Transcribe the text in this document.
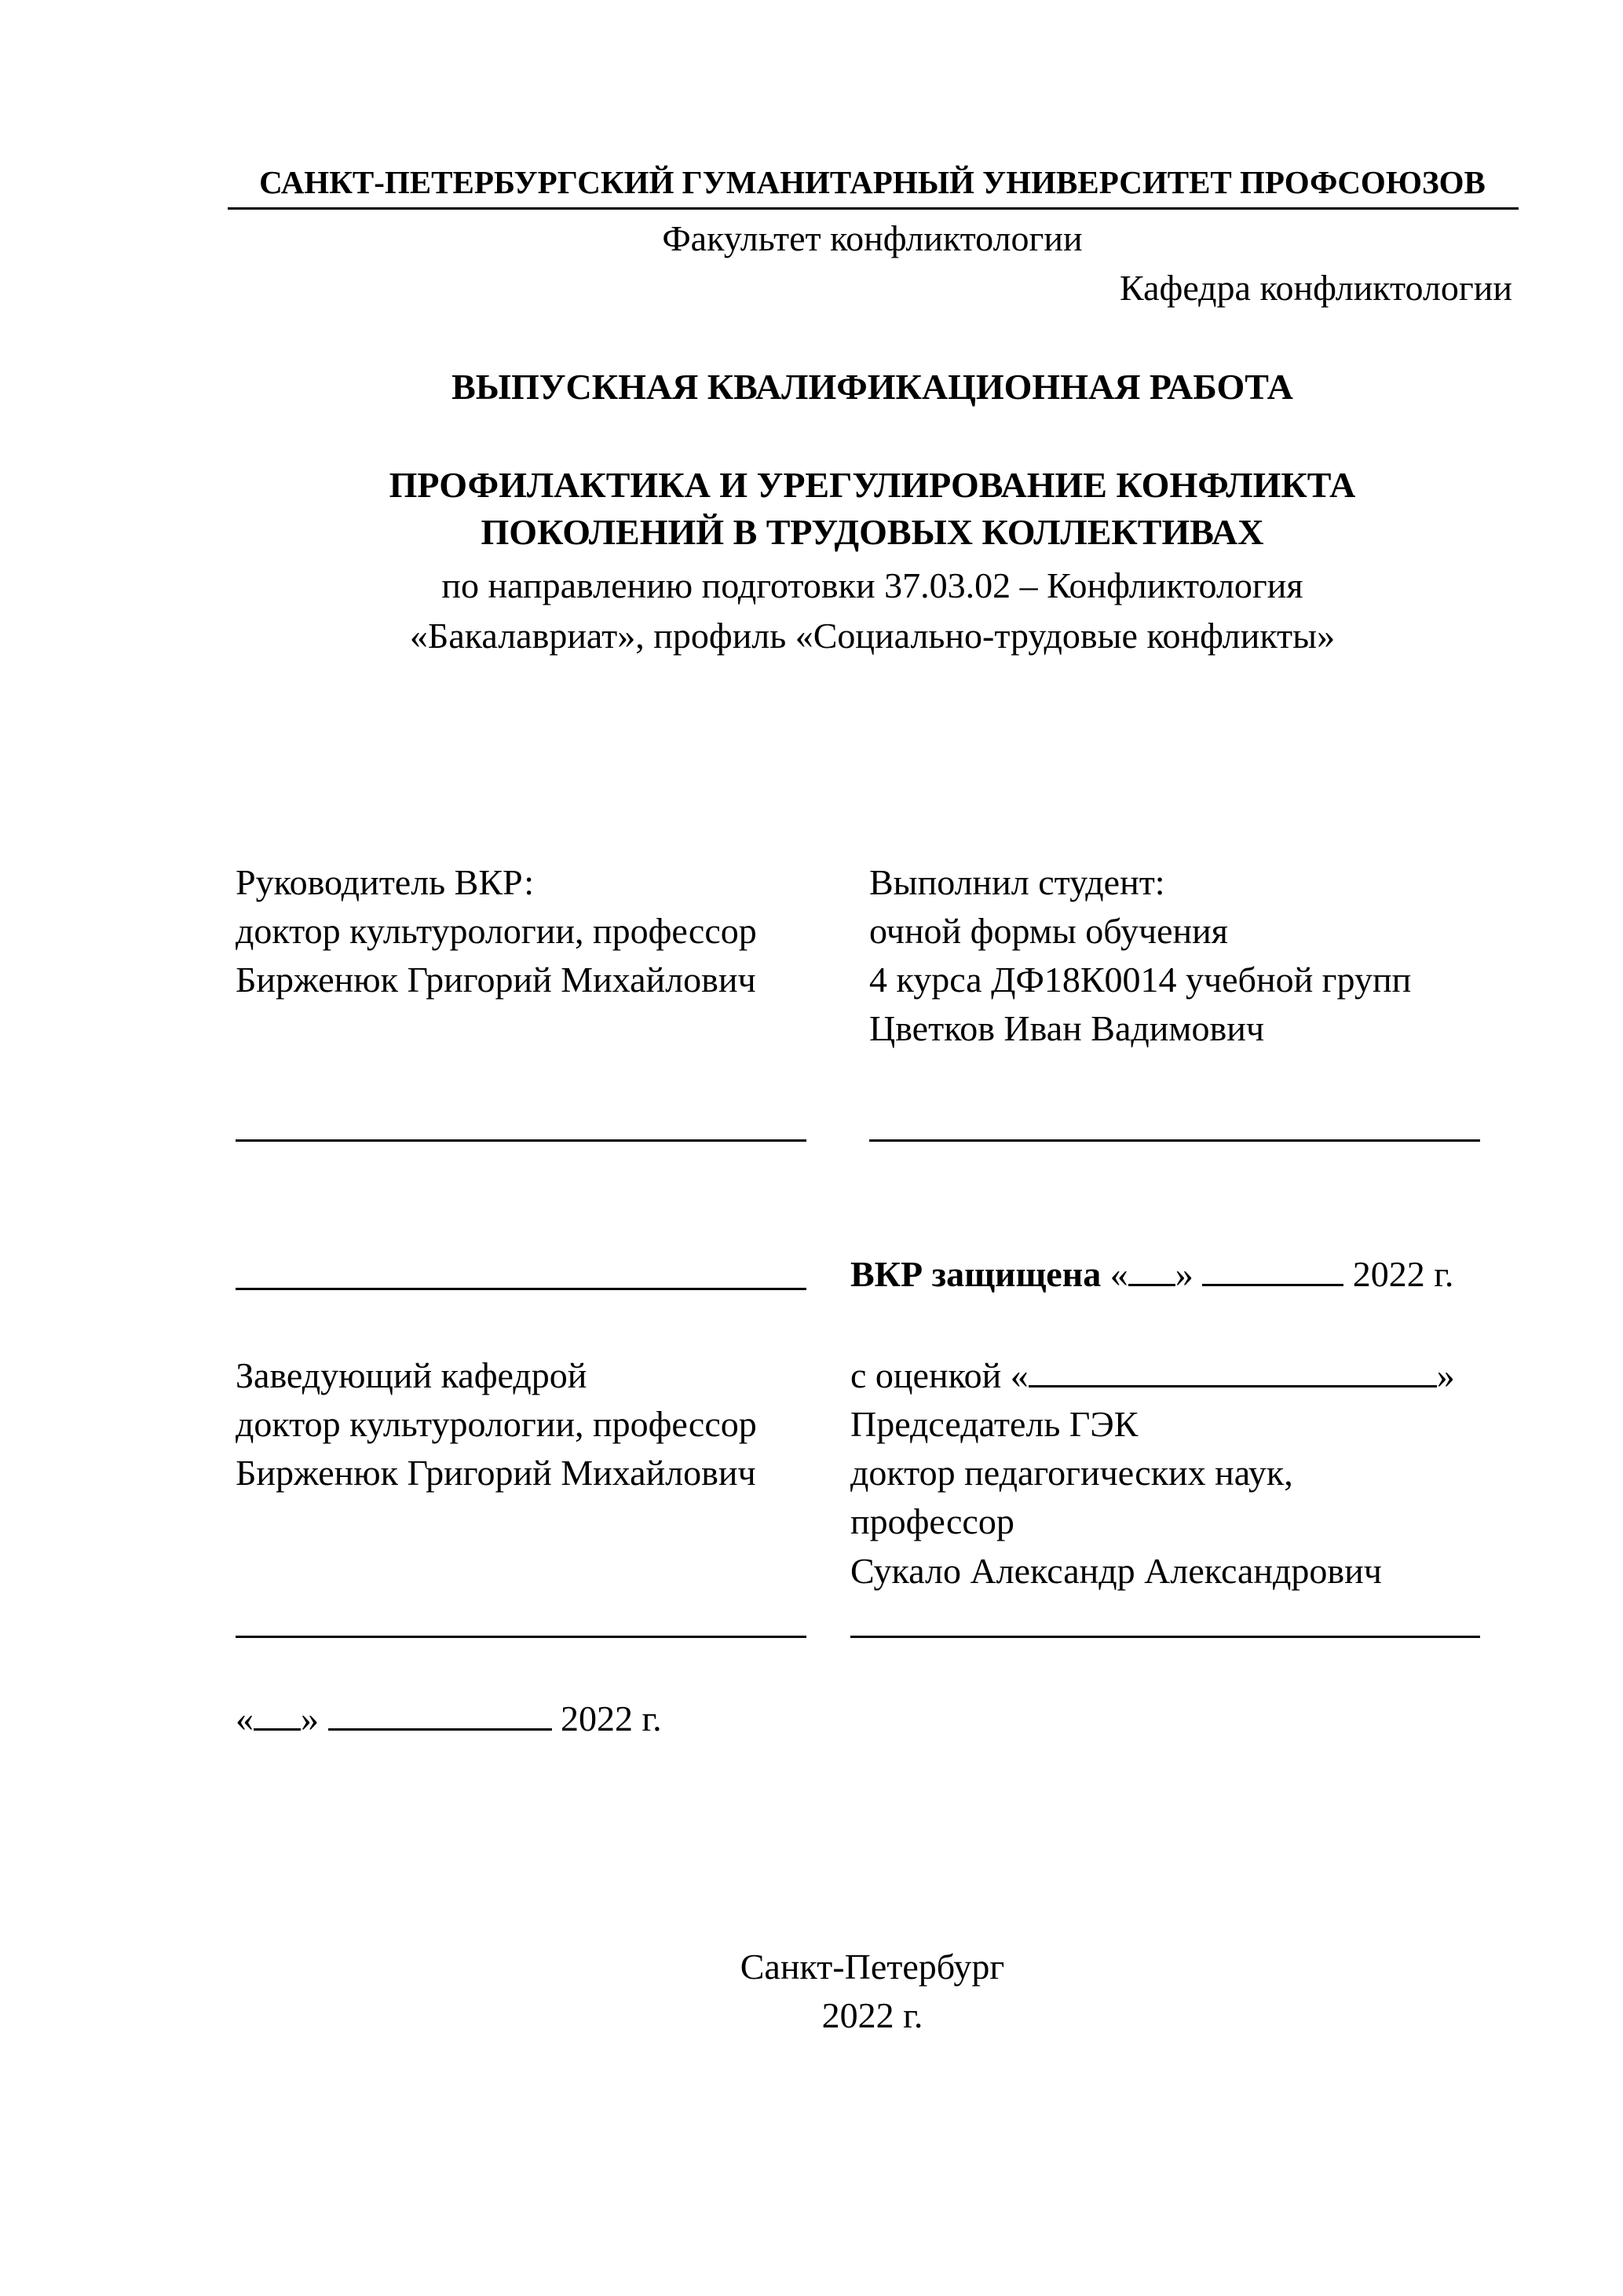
САНКТ-ПЕТЕРБУРГСКИЙ ГУМАНИТАРНЫЙ УНИВЕРСИТЕТ ПРОФСОЮЗОВ
Факультет конфликтологии
Кафедра конфликтологии
ВЫПУСКНАЯ КВАЛИФИКАЦИОННАЯ РАБОТА
ПРОФИЛАКТИКА И УРЕГУЛИРОВАНИЕ КОНФЛИКТА
ПОКОЛЕНИЙ В ТРУДОВЫХ КОЛЛЕКТИВАХ
по направлению подготовки 37.03.02 – Конфликтология
«Бакалавриат», профиль «Социально-трудовые конфликты»
Руководитель ВКР:
доктор культурологии, профессор
Бирженюк Григорий Михайлович
Выполнил студент:
очной формы обучения
4 курса ДФ18К0014 учебной групп
Цветков Иван Вадимович
ВКР защищена « »	2022 г.
Заведующий кафедрой
доктор культурологии, профессор
Бирженюк Григорий Михайлович
с оценкой «	»
Председатель ГЭК
доктор педагогических наук,
профессор
Сукало Александр Александрович
« »	2022 г.
Санкт-Петербург
2022 г.
